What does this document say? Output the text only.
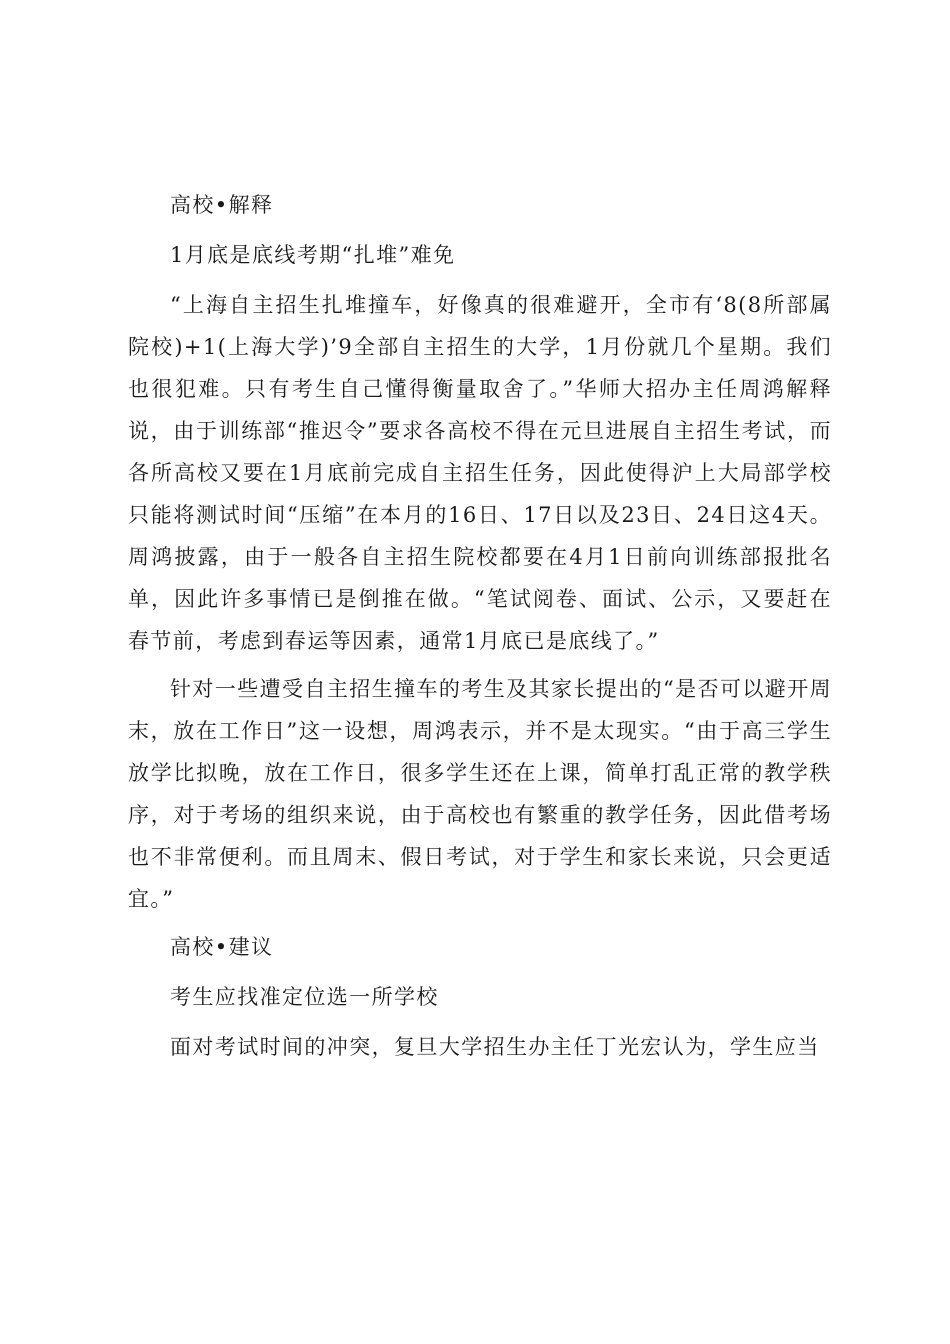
高校•解释

1月底是底线考期“扎堆”难免

“上海自主招生扎堆撞车，好像真的很难避开，全市有‘8(8所部属院校)+1(上海大学)’9全部自主招生的大学，1月份就几个星期。我们也很犯难。只有考生自己懂得衡量取舍了。”华师大招办主任周鸿解释说，由于训练部“推迟令”要求各高校不得在元旦进展自主招生考试，而各所高校又要在1月底前完成自主招生任务，因此使得沪上大局部学校只能将测试时间“压缩”在本月的16日、17日以及23日、24日这4天。周鸿披露，由于一般各自主招生院校都要在4月1日前向训练部报批名单，因此许多事情已是倒推在做。“笔试阅卷、面试、公示，又要赶在春节前，考虑到春运等因素，通常1月底已是底线了。”

针对一些遭受自主招生撞车的考生及其家长提出的“是否可以避开周末，放在工作日”这一设想，周鸿表示，并不是太现实。“由于高三学生放学比拟晚，放在工作日，很多学生还在上课，简单打乱正常的教学秩序，对于考场的组织来说，由于高校也有繁重的教学任务，因此借考场也不非常便利。而且周末、假日考试，对于学生和家长来说，只会更适宜。”

高校•建议

考生应找准定位选一所学校

面对考试时间的冲突，复旦大学招生办主任丁光宏认为，学生应当
